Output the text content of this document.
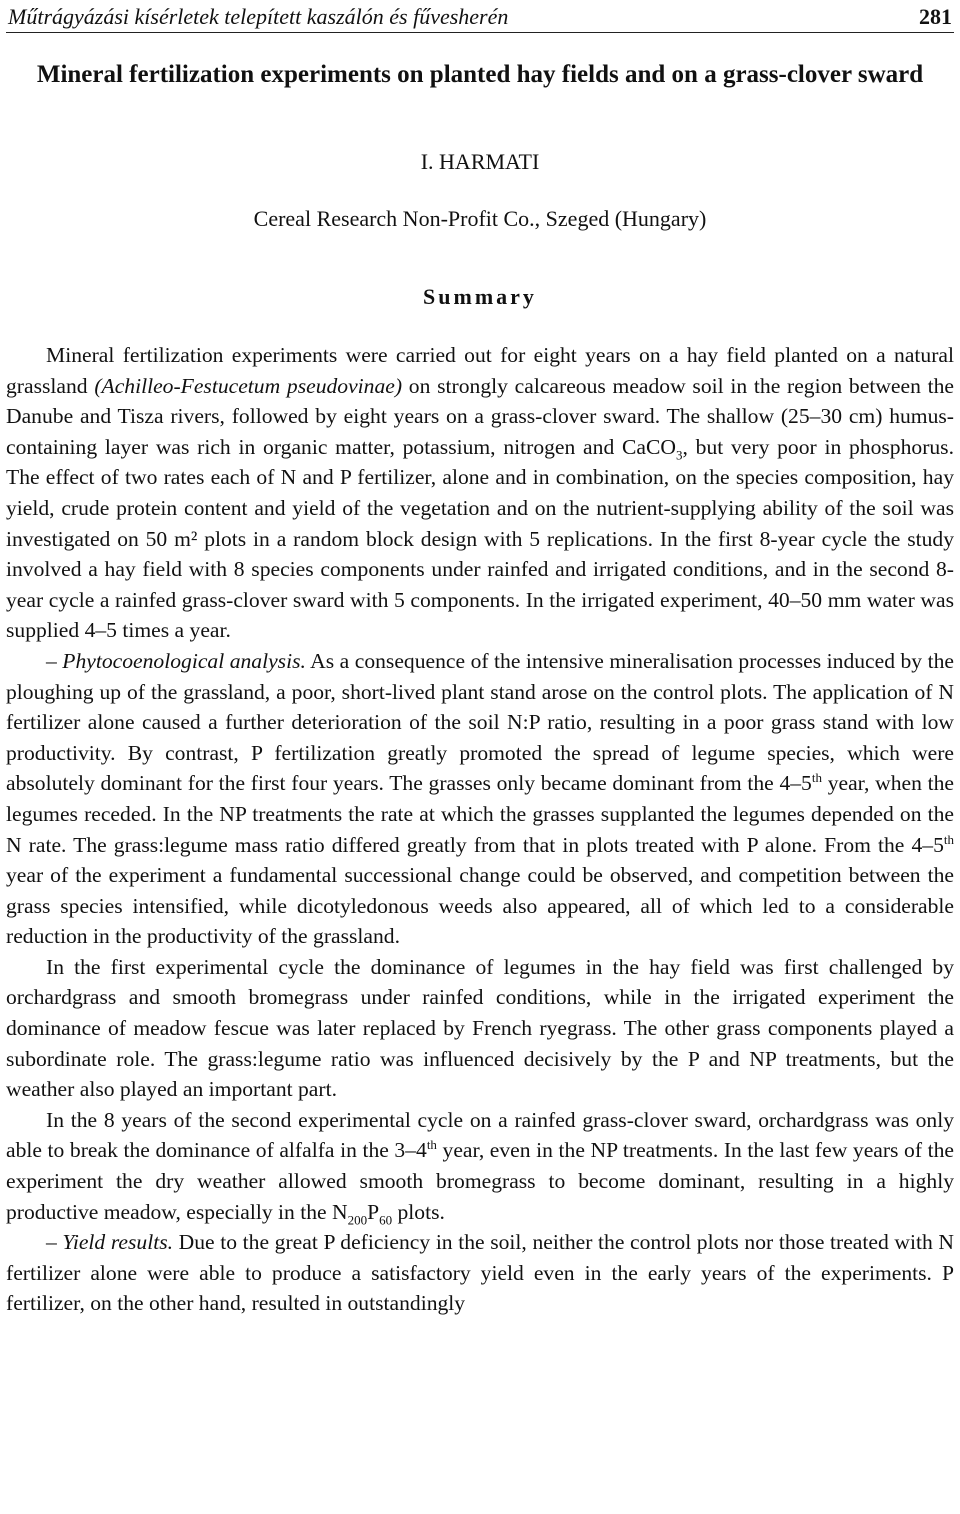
Műtrágyázási kísérletek telepített kaszálón és fűvesherén	281
Mineral fertilization experiments on planted hay fields and on a grass-clover sward
I. HARMATI
Cereal Research Non-Profit Co., Szeged (Hungary)
Summary

Mineral fertilization experiments were carried out for eight years on a hay field planted on a natural grassland (Achilleo-Festucetum pseudovinae) on strongly calcareous meadow soil in the region between the Danube and Tisza rivers, followed by eight years on a grass-clover sward. The shallow (25–30 cm) humus-containing layer was rich in organic matter, potassium, nitrogen and CaCO$_3$, but very poor in phosphorus. The effect of two rates each of N and P fertilizer, alone and in combination, on the species composition, hay yield, crude protein content and yield of the vegetation and on the nutrient-supplying ability of the soil was investigated on 50 m² plots in a random block design with 5 replications. In the first 8-year cycle the study involved a hay field with 8 species components under rainfed and irrigated conditions, and in the second 8-year cycle a rainfed grass-clover sward with 5 components. In the irrigated experiment, 40–50 mm water was supplied 4–5 times a year.

– Phytocoenological analysis. As a consequence of the intensive mineralisation processes induced by the ploughing up of the grassland, a poor, short-lived plant stand arose on the control plots. The application of N fertilizer alone caused a further deterioration of the soil N:P ratio, resulting in a poor grass stand with low productivity. By contrast, P fertilization greatly promoted the spread of legume species, which were absolutely dominant for the first four years. The grasses only became dominant from the 4–5th year, when the legumes receded. In the NP treatments the rate at which the grasses supplanted the legumes depended on the N rate. The grass:legume mass ratio differed greatly from that in plots treated with P alone. From the 4–5th year of the experiment a fundamental successional change could be observed, and competition between the grass species intensified, while dicotyledonous weeds also appeared, all of which led to a considerable reduction in the productivity of the grassland.

In the first experimental cycle the dominance of legumes in the hay field was first challenged by orchardgrass and smooth bromegrass under rainfed conditions, while in the irrigated experiment the dominance of meadow fescue was later replaced by French ryegrass. The other grass components played a subordinate role. The grass:legume ratio was influenced decisively by the P and NP treatments, but the weather also played an important part.

In the 8 years of the second experimental cycle on a rainfed grass-clover sward, orchardgrass was only able to break the dominance of alfalfa in the 3–4th year, even in the NP treatments. In the last few years of the experiment the dry weather allowed smooth bromegrass to become dominant, resulting in a highly productive meadow, especially in the $N_{200}P_{60}$ plots.

– Yield results. Due to the great P deficiency in the soil, neither the control plots nor those treated with N fertilizer alone were able to produce a satisfactory yield even in the early years of the experiments. P fertilizer, on the other hand, resulted in outstandingly
